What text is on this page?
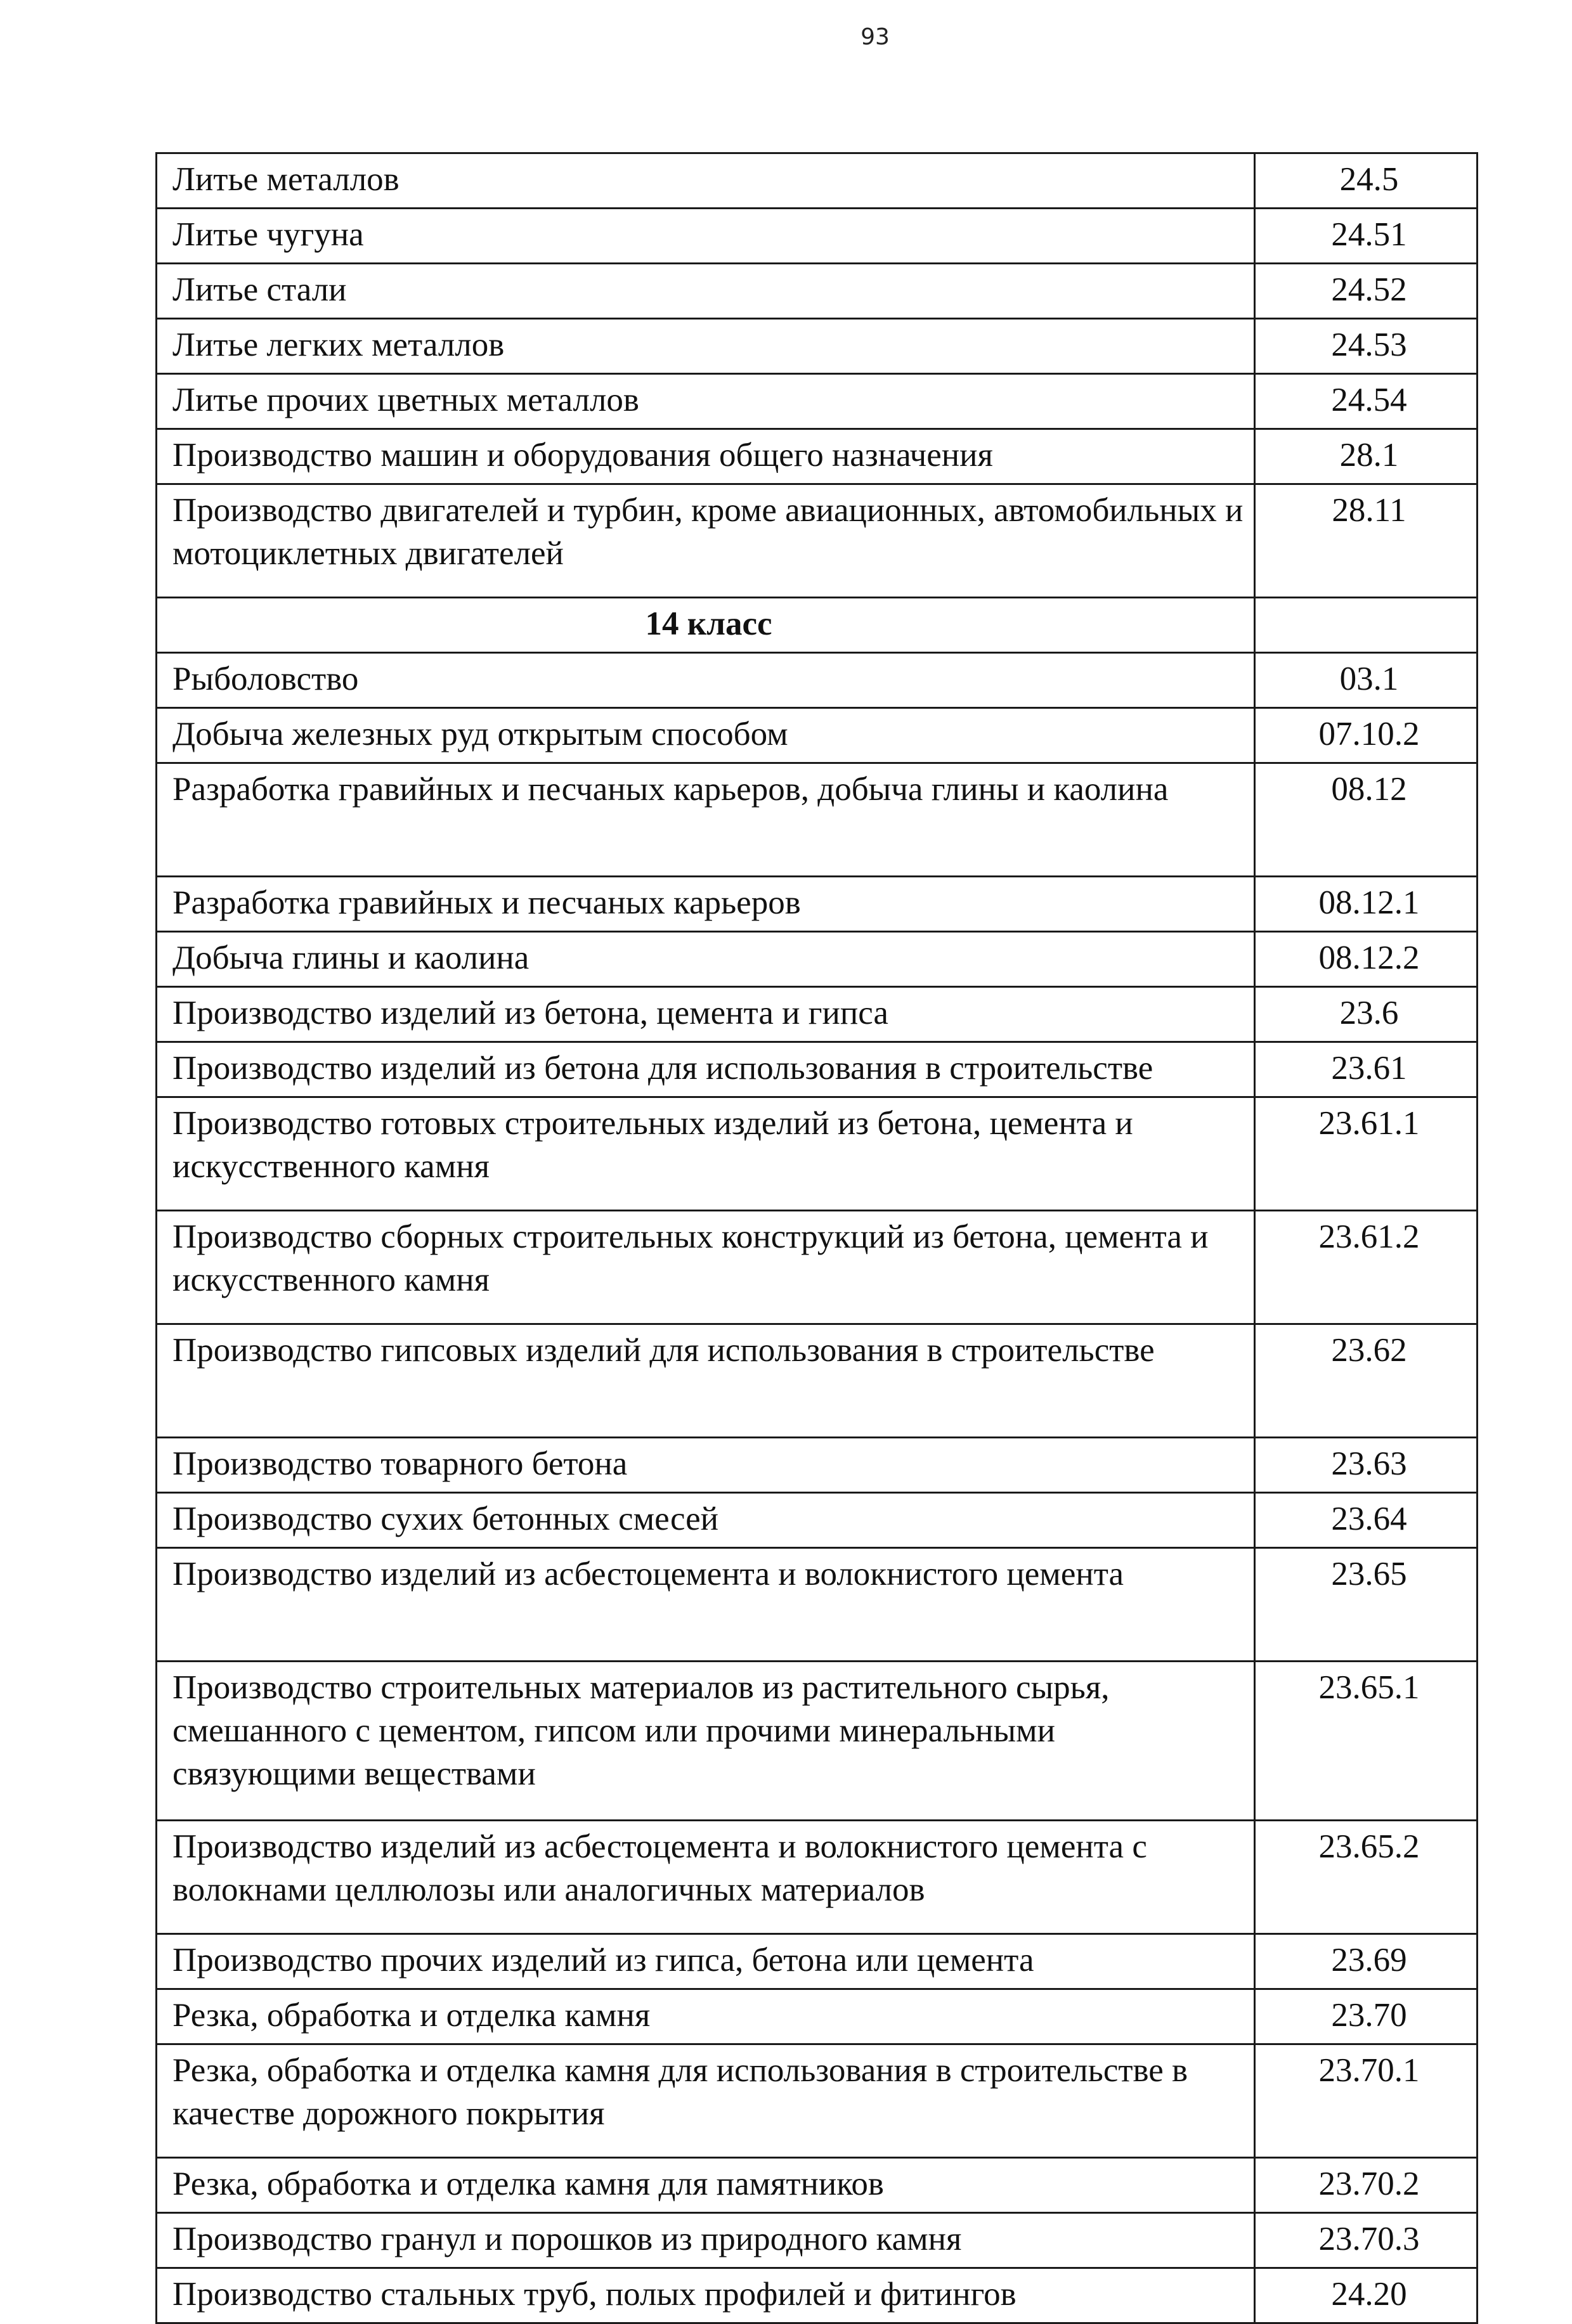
93
Литье металлов	24.5
Литье чугуна	24.51
Литье стали	24.52
Литье легких металлов	24.53
Литье прочих цветных металлов	24.54
Производство машин и оборудования общего назначения	28.1
Производство двигателей и турбин, кроме авиационных, автомобильных и мотоциклетных двигателей	28.11
14 класс	
Рыболовство	03.1
Добыча железных руд открытым способом	07.10.2
Разработка гравийных и песчаных карьеров, добыча глины и каолина	08.12
Разработка гравийных и песчаных карьеров	08.12.1
Добыча глины и каолина	08.12.2
Производство изделий из бетона, цемента и гипса	23.6
Производство изделий из бетона для использования в строительстве	23.61
Производство готовых строительных изделий из бетона, цемента и искусственного камня	23.61.1
Производство сборных строительных конструкций из бетона, цемента и искусственного камня	23.61.2
Производство гипсовых изделий для использования в строительстве	23.62
Производство товарного бетона	23.63
Производство сухих бетонных смесей	23.64
Производство изделий из асбестоцемента и волокнистого цемента	23.65
Производство строительных материалов из растительного сырья, смешанного с цементом, гипсом или прочими минеральными связующими веществами	23.65.1
Производство изделий из асбестоцемента и волокнистого цемента с волокнами целлюлозы или аналогичных материалов	23.65.2
Производство прочих изделий из гипса, бетона или цемента	23.69
Резка, обработка и отделка камня	23.70
Резка, обработка и отделка камня для использования в строительстве в качестве дорожного покрытия	23.70.1
Резка, обработка и отделка камня для памятников	23.70.2
Производство гранул и порошков из природного камня	23.70.3
Производство стальных труб, полых профилей и фитингов	24.20
